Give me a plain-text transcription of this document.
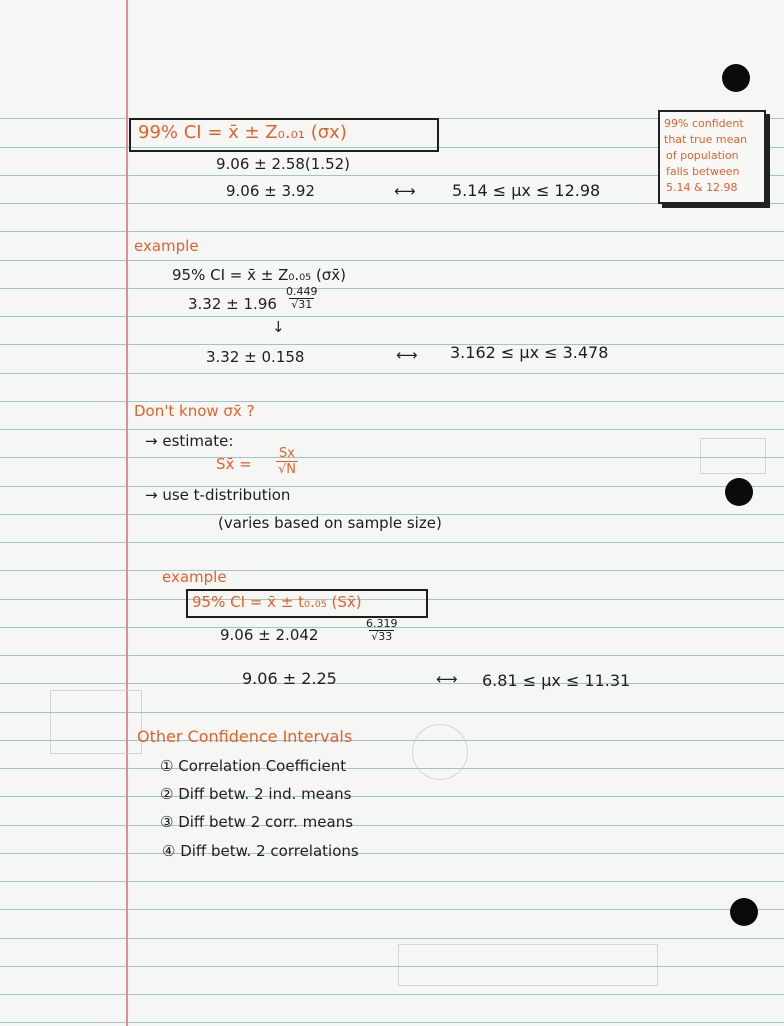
99% CI = x̄ ± Z₀.₀₁ (σx)
9.06 ± 2.58(1.52)
9.06 ± 3.92	⟷ 5.14 ≤ μx ≤ 12.98
99% confident
that true mean
of population
falls between
5.14 & 12.98
example
95% CI = x̄ ± Z₀.₀₅ (σx̄)
$3.32 \pm 1.96 \frac{0.449}{√31}$
↓
3.32 ± 0.158	⟷ 3.162 ≤ μx ≤ 3.478
Don't know σx̄ ?
→ estimate:
Sx̄ = $\frac{Sx}{√N}$
→ use t-distribution
(varies based on sample size)
example
95% CI = x̄ ± t₀.₀₅ (Sx̄)
9.06 ± 2.042	$\frac{6.319}{√33}$
9.06 ± 2.25	⟷ 6.81 ≤ μx ≤ 11.31
Other Confidence Intervals
① Correlation Coefficient
② Diff betw. 2 ind. means
③ Diff betw 2 corr. means
④ Diff betw. 2 correlations
